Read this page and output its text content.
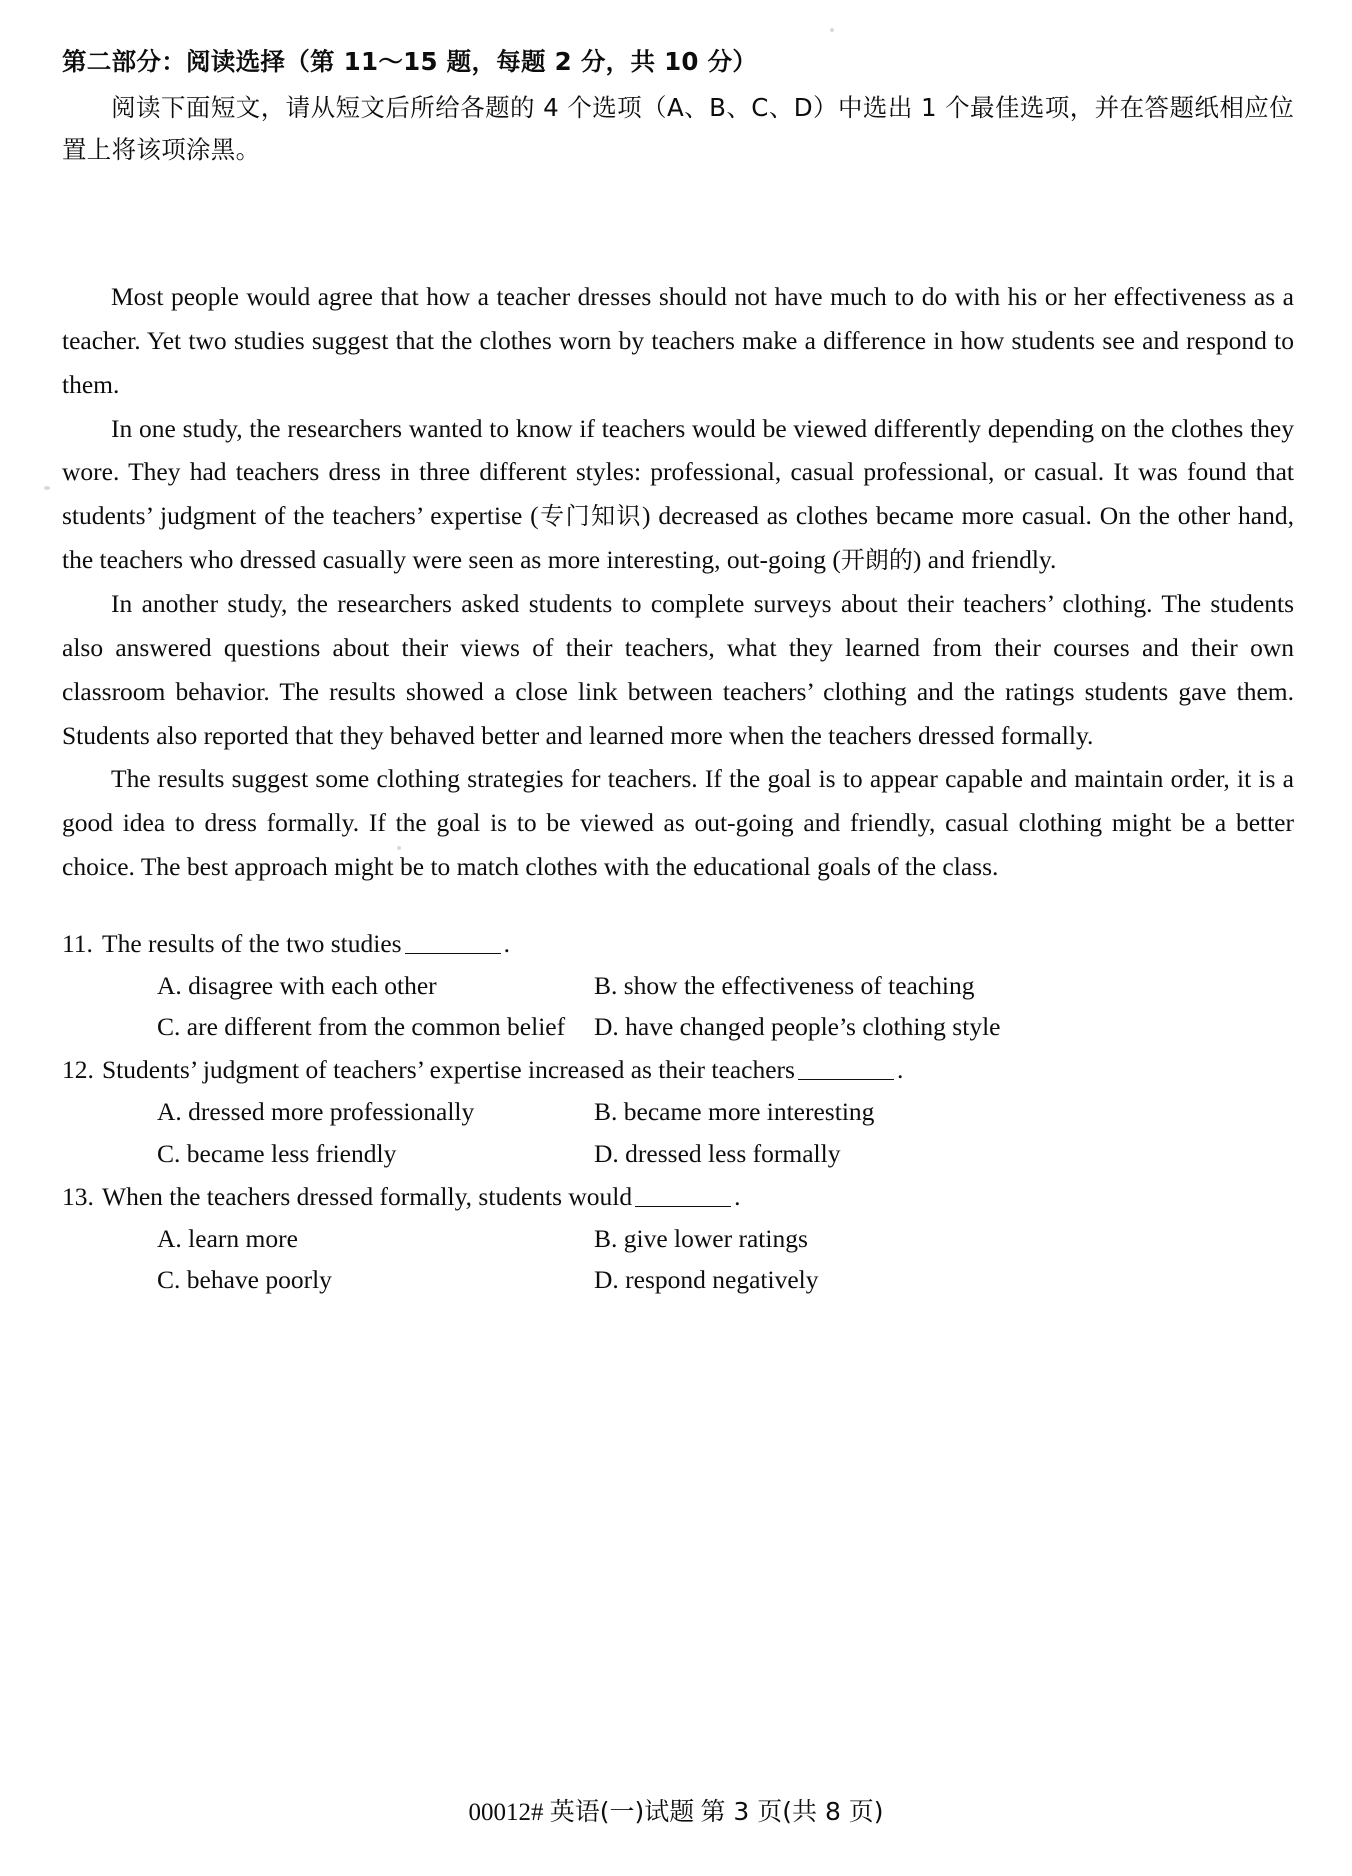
第二部分：阅读选择（第 11～15 题，每题 2 分，共 10 分）
阅读下面短文，请从短文后所给各题的 4 个选项（A、B、C、D）中选出 1 个最佳选项，并在答题纸相应位置上将该项涂黑。

Most people would agree that how a teacher dresses should not have much to do with his or her effectiveness as a teacher. Yet two studies suggest that the clothes worn by teachers make a difference in how students see and respond to them.

In one study, the researchers wanted to know if teachers would be viewed differently depending on the clothes they wore. They had teachers dress in three different styles: professional, casual professional, or casual. It was found that students’ judgment of the teachers’ expertise (专门知识) decreased as clothes became more casual. On the other hand, the teachers who dressed casually were seen as more interesting, out-going (开朗的) and friendly.

In another study, the researchers asked students to complete surveys about their teachers’ clothing. The students also answered questions about their views of their teachers, what they learned from their courses and their own classroom behavior. The results showed a close link between teachers’ clothing and the ratings students gave them. Students also reported that they behaved better and learned more when the teachers dressed formally.

The results suggest some clothing strategies for teachers. If the goal is to appear capable and maintain order, it is a good idea to dress formally. If the goal is to be viewed as out-going and friendly, casual clothing might be a better choice. The best approach might be to match clothes with the educational goals of the class.

11. The results of the two studies	.
A. disagree with each other	B. show the effectiveness of teaching
C. are different from the common belief	D. have changed people’s clothing style
12. Students’ judgment of teachers’ expertise increased as their teachers	.
A. dressed more professionally	B. became more interesting
C. became less friendly	D. dressed less formally
13. When the teachers dressed formally, students would	.
A. learn more	B. give lower ratings
C. behave poorly	D. respond negatively
00012# 英语(一)试题 第 3 页(共 8 页)
